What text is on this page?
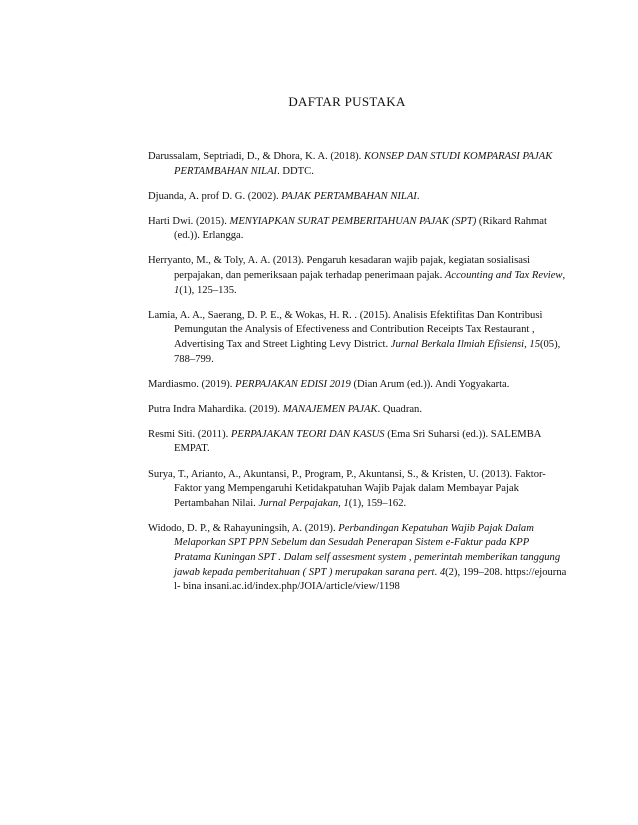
DAFTAR PUSTAKA

Darussalam, Septriadi, D., & Dhora, K. A. (2018). KONSEP DAN STUDI KOMPARASI PAJAK PERTAMBAHAN NILAI. DDTC.

Djuanda, A. prof D. G. (2002). PAJAK PERTAMBAHAN NILAI.

Harti Dwi. (2015). MENYIAPKAN SURAT PEMBERITAHUAN PAJAK (SPT) (Rikard Rahmat (ed.)). Erlangga.

Herryanto, M., & Toly, A. A. (2013). Pengaruh kesadaran wajib pajak, kegiatan sosialisasi perpajakan, dan pemeriksaan pajak terhadap penerimaan pajak. Accounting and Tax Review, 1(1), 125–135.

Lamia, A. A., Saerang, D. P. E., & Wokas, H. R. . (2015). Analisis Efektifitas Dan Kontribusi Pemungutan the Analysis of Efectiveness and Contribution Receipts Tax Restaurant , Advertising Tax and Street Lighting Levy District. Jurnal Berkala Ilmiah Efisiensi, 15(05), 788–799.

Mardiasmo. (2019). PERPAJAKAN EDISI 2019 (Dian Arum (ed.)). Andi Yogyakarta.

Putra Indra Mahardika. (2019). MANAJEMEN PAJAK. Quadran.

Resmi Siti. (2011). PERPAJAKAN TEORI DAN KASUS (Ema Sri Suharsi (ed.)). SALEMBA EMPAT.

Surya, T., Arianto, A., Akuntansi, P., Program, P., Akuntansi, S., & Kristen, U. (2013). Faktor-Faktor yang Mempengaruhi Ketidakpatuhan Wajib Pajak dalam Membayar Pajak Pertambahan Nilai. Jurnal Perpajakan, 1(1), 159–162.

Widodo, D. P., & Rahayuningsih, A. (2019). Perbandingan Kepatuhan Wajib Pajak Dalam Melaporkan SPT PPN Sebelum dan Sesudah Penerapan Sistem e-Faktur pada KPP Pratama Kuningan SPT . Dalam self assesment system , pemerintah memberikan tanggung jawab kepada pemberitahuan ( SPT ) merupakan sarana pert. 4(2), 199–208. https://ejournal- bina insani.ac.id/index.php/JOIA/article/view/1198
